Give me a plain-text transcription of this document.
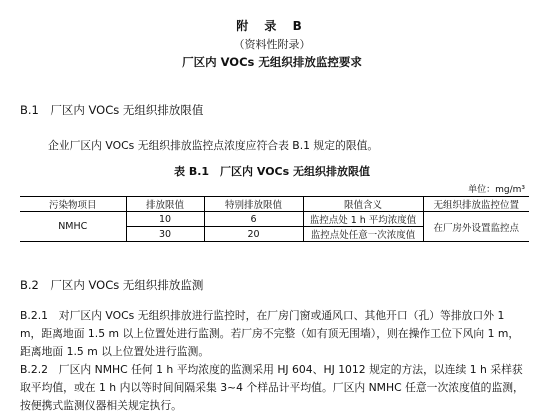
附 录 B
（资料性附录）
厂区内 VOCs 无组织排放监控要求
B.1　厂区内 VOCs 无组织排放限值
企业厂区内 VOCs 无组织排放监控点浓度应符合表 B.1 规定的限值。
表 B.1　厂区内 VOCs 无组织排放限值
单位：mg/m³
污染物项目	排放限值	特别排放限值	限值含义	无组织排放监控位置
NMHC	10	6	监控点处 1 h 平均浓度值	在厂房外设置监控点
	30	20	监控点处任意一次浓度值	
B.2　厂区内 VOCs 无组织排放监测
B.2.1　对厂区内 VOCs 无组织排放进行监控时，在厂房门窗或通风口、其他开口（孔）等排放口外 1 m，距离地面 1.5 m 以上位置处进行监测。若厂房不完整（如有顶无围墙），则在操作工位下风向 1 m，距离地面 1.5 m 以上位置处进行监测。
B.2.2　厂区内 NMHC 任何 1 h 平均浓度的监测采用 HJ 604、HJ 1012 规定的方法，以连续 1 h 采样获取平均值，或在 1 h 内以等时间间隔采集 3~4 个样品计平均值。厂区内 NMHC 任意一次浓度值的监测，按便携式监测仪器相关规定执行。
